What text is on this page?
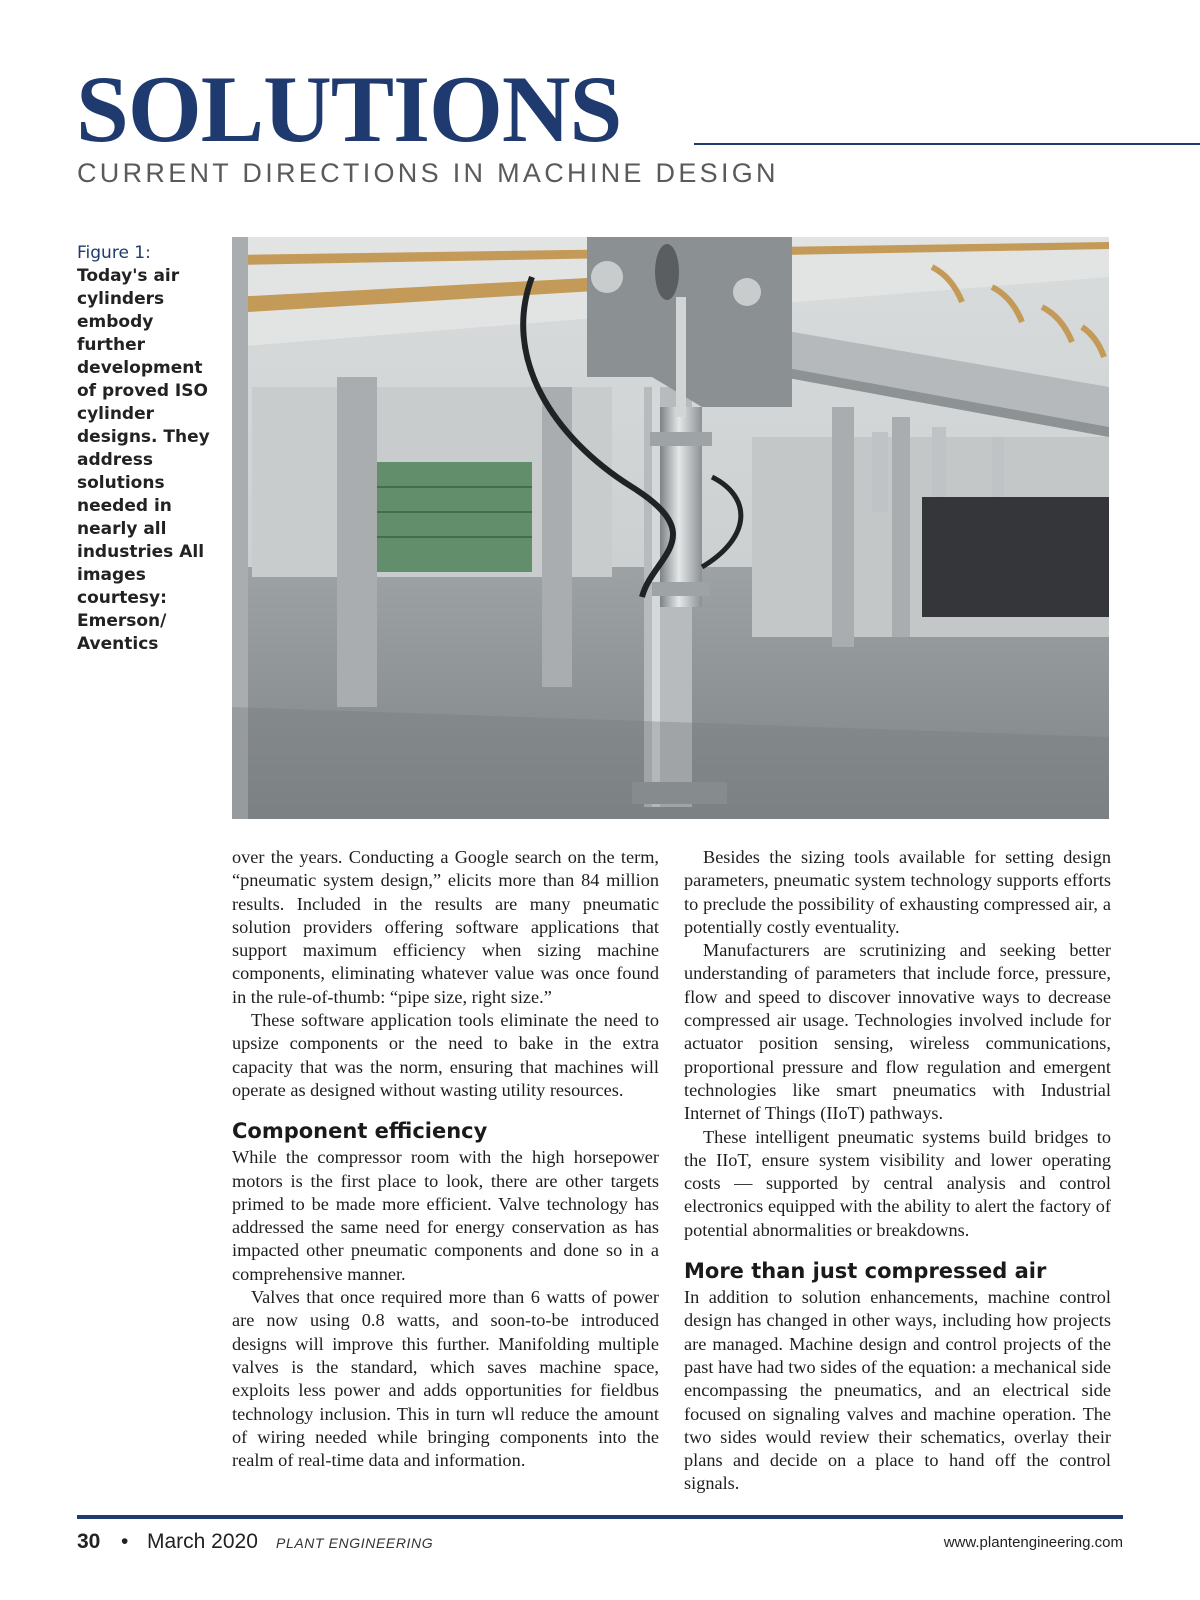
SOLUTIONS
CURRENT DIRECTIONS IN MACHINE DESIGN
Figure 1:
Today's air cylinders embody further development of proved ISO cylinder designs. They address solutions needed in nearly all industries All images courtesy: Emerson/ Aventics

over the years. Conducting a Google search on the term, “pneumatic system design,” elicits more than 84 million results. Included in the results are many pneumatic solution providers offering software applications that support maximum efficiency when sizing machine components, eliminating whatever value was once found in the rule-of-thumb: “pipe size, right size.”

These software application tools eliminate the need to upsize components or the need to bake in the extra capacity that was the norm, ensuring that machines will operate as designed without wasting utility resources.

Component efficiency

While the compressor room with the high horsepower motors is the first place to look, there are other targets primed to be made more efficient. Valve technology has addressed the same need for energy conservation as has impacted other pneumatic components and done so in a comprehensive manner.

Valves that once required more than 6 watts of power are now using 0.8 watts, and soon-to-be introduced designs will improve this further. Manifolding multiple valves is the standard, which saves machine space, exploits less power and adds opportunities for fieldbus technology inclusion. This in turn wll reduce the amount of wiring needed while bringing components into the realm of real-time data and information.

Besides the sizing tools available for setting design parameters, pneumatic system technology supports efforts to preclude the possibility of exhausting compressed air, a potentially costly eventuality.

Manufacturers are scrutinizing and seeking better understanding of parameters that include force, pressure, flow and speed to discover innovative ways to decrease compressed air usage. Technologies involved include for actuator position sensing, wireless communications, proportional pressure and flow regulation and emergent technologies like smart pneumatics with Industrial Internet of Things (IIoT) pathways.

These intelligent pneumatic systems build bridges to the IIoT, ensure system visibility and lower operating costs — supported by central analysis and control electronics equipped with the ability to alert the factory of potential abnormalities or breakdowns.

More than just compressed air

In addition to solution enhancements, machine control design has changed in other ways, including how projects are managed. Machine design and control projects of the past have had two sides of the equation: a mechanical side encompassing the pneumatics, and an electrical side focused on signaling valves and machine operation. The two sides would review their schematics, overlay their plans and decide on a place to hand off the control signals.

30 • March 2020 PLANT ENGINEERING	www.plantengineering.com
